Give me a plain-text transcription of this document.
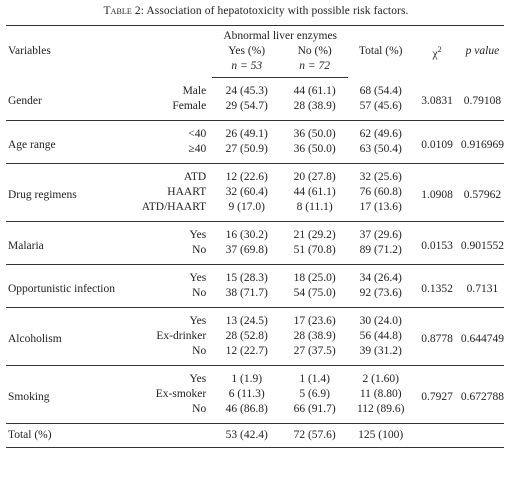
Table 2: Association of hepatotoxicity with possible risk factors.
Variables		Abnormal liver enzymes		Total (%)	$\chi^2$	p value
		Yes (%)	No (%)			
		n = 53	n = 72			
Gender	Male	24 (45.3)	44 (61.1)	68 (54.4)	3.0831	0.79108
	Female	29 (54.7)	28 (38.9)	57 (45.6)		
Age range	<40	26 (49.1)	36 (50.0)	62 (49.6)	0.0109	0.916969
	≥40	27 (50.9)	36 (50.0)	63 (50.4)		
Drug regimens	ATD	12 (22.6)	20 (27.8)	32 (25.6)	1.0908	0.57962
	HAART	32 (60.4)	44 (61.1)	76 (60.8)		
	ATD/HAART	9 (17.0)	8 (11.1)	17 (13.6)		
Malaria	Yes	16 (30.2)	21 (29.2)	37 (29.6)	0.0153	0.901552
	No	37 (69.8)	51 (70.8)	89 (71.2)		
Opportunistic infection	Yes	15 (28.3)	18 (25.0)	34 (26.4)	0.1352	0.7131
	No	38 (71.7)	54 (75.0)	92 (73.6)		
Alcoholism	Yes	13 (24.5)	17 (23.6)	30 (24.0)	0.8778	0.644749
	Ex-drinker	28 (52.8)	28 (38.9)	56 (44.8)		
	No	12 (22.7)	27 (37.5)	39 (31.2)		
Smoking	Yes	1 (1.9)	1 (1.4)	2 (1.60)	0.7927	0.672788
	Ex-smoker	6 (11.3)	5 (6.9)	11 (8.80)		
	No	46 (86.8)	66 (91.7)	112 (89.6)		
Total (%)		53 (42.4)	72 (57.6)	125 (100)		
